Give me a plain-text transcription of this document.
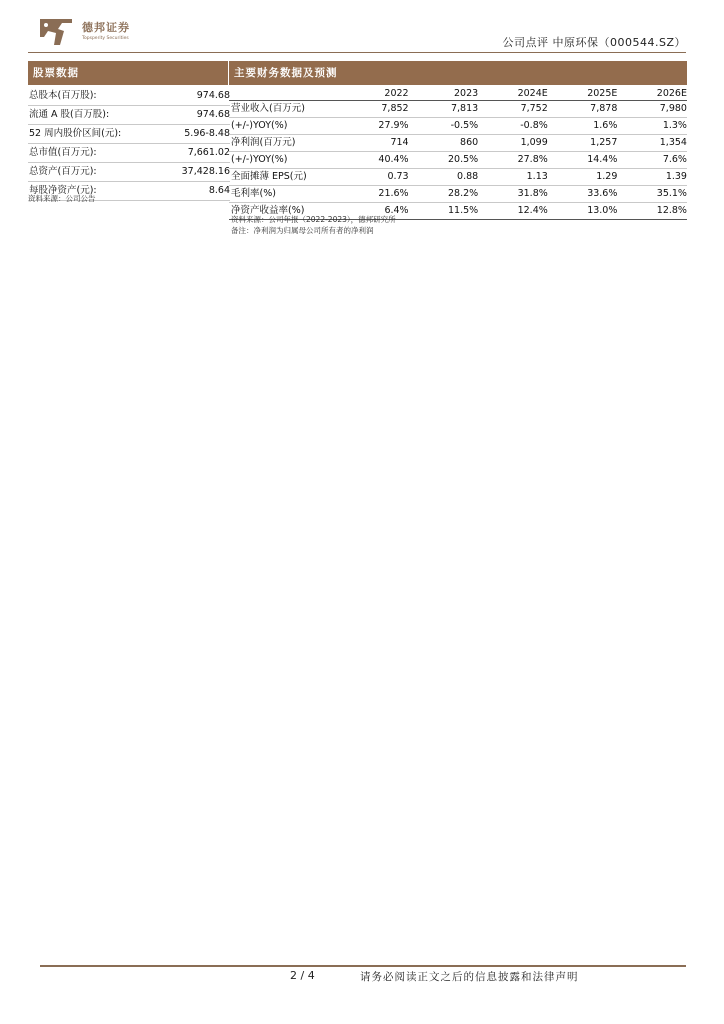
德邦证券
Topsperity Securities	公司点评 中原环保（000544.SZ）
股票数据	主要财务数据及预测
总股本(百万股):	974.68
流通 A 股(百万股):	974.68
52 周内股价区间(元):	5.96-8.48
总市值(百万元):	7,661.02
总资产(百万元):	37,428.16
每股净资产(元):	8.64
资料来源：公司公告
2022	2023	2024E	2025E	2026E
营业收入(百万元)	7,852	7,813	7,752	7,878	7,980
(+/-)YOY(%)	27.9%	-0.5%	-0.8%	1.6%	1.3%
净利润(百万元)	714	860	1,099	1,257	1,354
(+/-)YOY(%)	40.4%	20.5%	27.8%	14.4%	7.6%
全面摊薄 EPS(元)	0.73	0.88	1.13	1.29	1.39
毛利率(%)	21.6%	28.2%	31.8%	33.6%	35.1%
净资产收益率(%)	6.4%	11.5%	12.4%	13.0%	12.8%
资料来源：公司年报（2022-2023），德邦研究所
备注：净利润为归属母公司所有者的净利润
2 / 4	请务必阅读正文之后的信息披露和法律声明
